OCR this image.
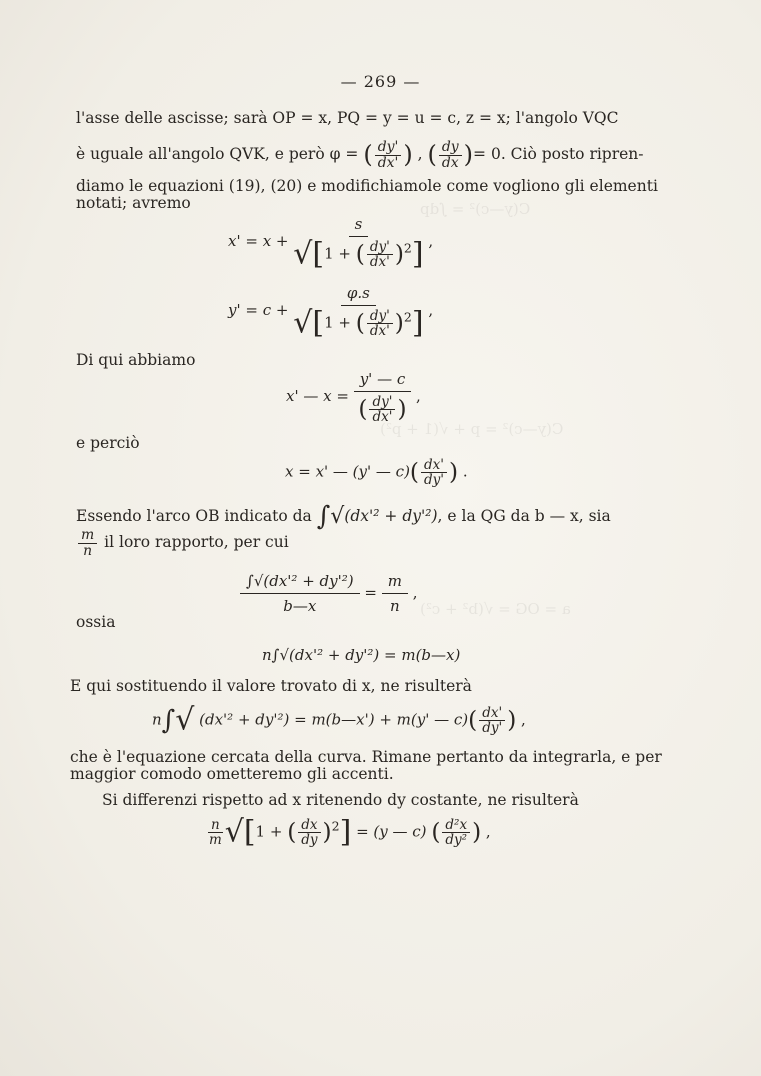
C(y—c)² = ∫dp
C(y—c)² = p + √(1 + p²)
a = OG = √(b² + c²)
— 269 —
l'asse delle ascisse; sarà OP = x, PQ = y = u = c, z = x; l'angolo VQC
è uguale all'angolo QVK, e però φ = ( $\frac{dy'}{dx'}$ ) , ( $\frac{dy}{dx}$ )= 0. Ciò posto ripren-
diamo le equazioni (19), (20) e modifichiamole come vogliono gli elementi
notati; avremo
$x' = x + \frac{s}{√[1 + ( \frac{dy'}{dx'} )^2]}$ ,
$y' = c + \frac{\varphi.s}{√[1 + ( \frac{dy'}{dx'} )^2]}$ ,
Di qui abbiamo
x' — $x = \frac{y' — c}{( \frac{dy'}{dx'} )}$ ,
e perciò
x = x' — (y' — $c)( \frac{dx'}{dy'}$ ) .
Essendo l'arco OB indicato da ∫√(dx'² + dy'²), e la QG da b — x, sia
$\frac{m}{n}$ il loro rapporto, per cui
$\frac{\text{∫√(dx'² + dy'²)}}{b—x} = \frac{m}{n}$ ,
ossia
n∫√(dx'² + dy'²) = m(b—x)
E qui sostituendo il valore trovato di x, ne risulterà
n∫√ (dx'² + dy'²) = m(b—x') + m(y' — $c)( \frac{dx'}{dy'}$ ) ,
che è l'equazione cercata della curva. Rimane pertanto da integrarla, e per
maggior comodo ometteremo gli accenti.
Si differenzi rispetto ad x ritenendo dy costante, ne risulterà
$\frac{n}{m} √[1$ + ( $\frac{dx}{dy} )^2] = (y$ — c) ( $\frac{\text{d²x}}{\text{dy²}}$ ) ,
